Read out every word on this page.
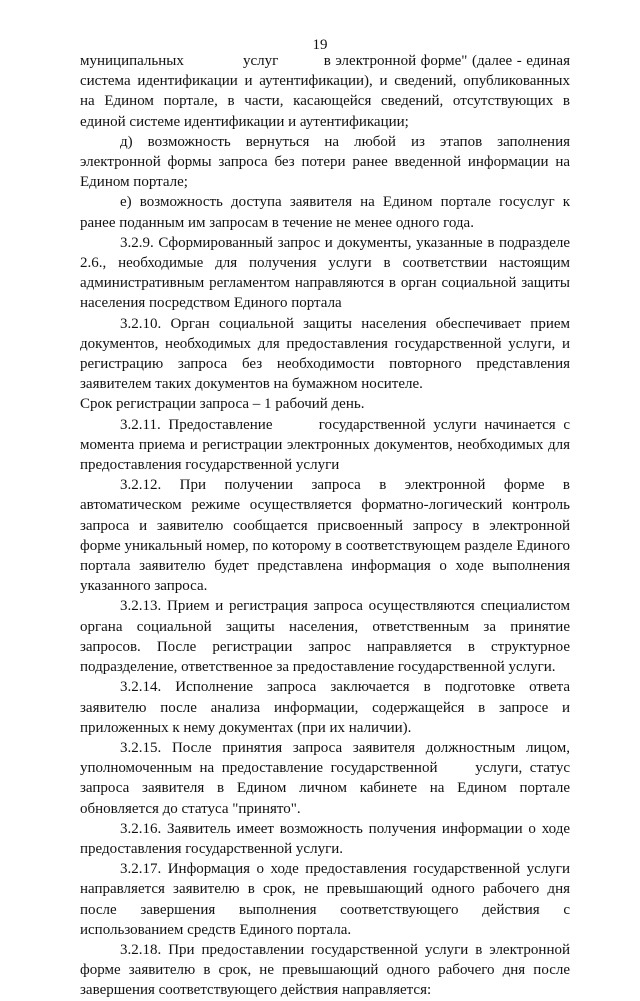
19

муниципальных             услуг          в электронной форме" (далее - единая система идентификации и аутентификации), и сведений, опубликованных на Едином портале, в части, касающейся сведений, отсутствующих в единой системе идентификации и аутентификации;

д) возможность вернуться на любой из этапов заполнения электронной формы запроса без потери ранее введенной информации на Едином портале;

е) возможность доступа заявителя на Едином портале госуслуг к ранее поданным им запросам в течение не менее одного года.

3.2.9. Сформированный запрос и документы, указанные в подразделе 2.6., необходимые для получения услуги в соответствии настоящим административным регламентом направляются в орган социальной защиты населения посредством Единого портала

3.2.10. Орган социальной защиты населения обеспечивает прием документов, необходимых для предоставления государственной услуги, и регистрацию запроса без необходимости повторного представления заявителем таких документов на бумажном носителе.

Срок регистрации запроса – 1 рабочий день.

3.2.11. Предоставление      государственной услуги начинается с момента приема и регистрации электронных документов, необходимых для предоставления государственной услуги

3.2.12. При получении запроса в электронной форме в автоматическом режиме осуществляется форматно-логический контроль запроса и заявителю сообщается присвоенный запросу в электронной форме уникальный номер, по которому в соответствующем разделе Единого портала заявителю будет представлена информация о ходе выполнения указанного запроса.

3.2.13. Прием и регистрация запроса осуществляются специалистом органа социальной защиты населения, ответственным за принятие запросов. После регистрации запрос направляется в структурное подразделение, ответственное за предоставление государственной услуги.

3.2.14. Исполнение запроса заключается в подготовке ответа заявителю после анализа информации, содержащейся в запросе и приложенных к нему документах (при их наличии).

3.2.15. После принятия запроса заявителя должностным лицом, уполномоченным на предоставление государственной     услуги, статус запроса заявителя в Едином личном кабинете на Едином портале обновляется до статуса "принято".

3.2.16. Заявитель имеет возможность получения информации о ходе предоставления государственной услуги.

3.2.17. Информация о ходе предоставления государственной услуги направляется заявителю в срок, не превышающий одного рабочего дня после завершения выполнения соответствующего действия с использованием средств Единого портала.

3.2.18. При предоставлении государственной услуги в электронной форме заявителю в срок, не превышающий одного рабочего дня после завершения соответствующего действия направляется:
